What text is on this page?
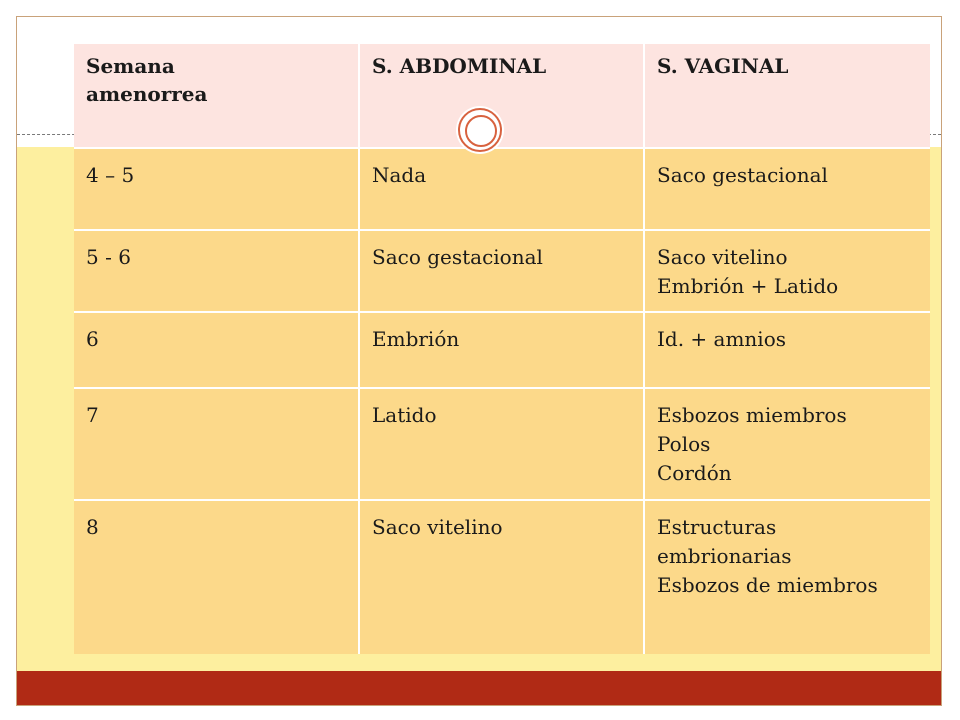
Semana
amenorrea	S. ABDOMINAL	S. VAGINAL
4 – 5	Nada	Saco gestacional

5 - 6	Saco gestacional	Saco vitelino
Embrión + Latido

6	Embrión	Id. + amnios

7	Latido	Esbozos miembros
Polos
Cordón

8	Saco vitelino	Estructuras
embrionarias
Esbozos de miembros
